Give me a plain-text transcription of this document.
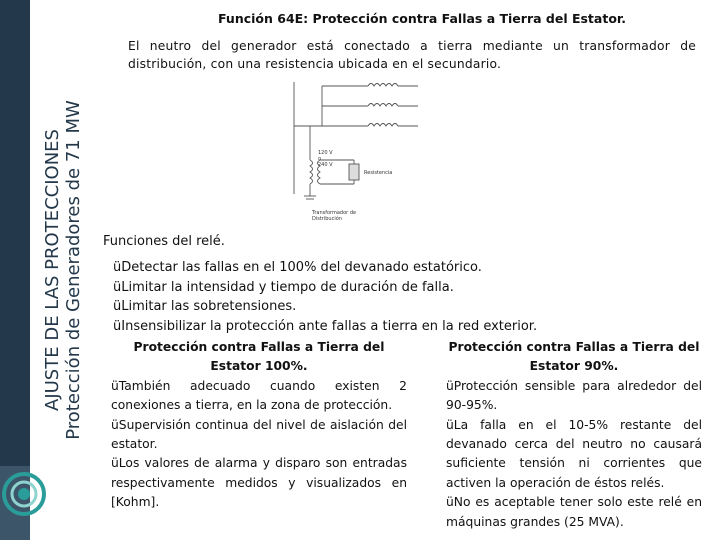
AJUSTE DE LAS PROTECCIONES Protección de Generadores de 71 MW
Función 64E: Protección contra Fallas a Tierra del Estator.
El neutro del generador está conectado a tierra mediante un transformador de distribución, con una resistencia ubicada en el secundario.
120 V o 240 V
Resistencia
Transformador de Distribución
Funciones del relé.
üDetectar las fallas en el 100% del devanado estatórico.
üLimitar la intensidad y tiempo de duración de falla.
üLimitar las sobretensiones.
üInsensibilizar la protección ante fallas a tierra en la red exterior.
Protección contra Fallas a Tierra del Estator 100%.
üTambién adecuado cuando existen 2 conexiones a tierra, en la zona de protección.
üSupervisión continua del nivel de aislación del estator.
üLos valores de alarma y disparo son entradas respectivamente medidos y visualizados en [Kohm].
Protección contra Fallas a Tierra del Estator 90%.
üProtección sensible para alrededor del 90-95%.
üLa falla en el 10-5% restante del devanado cerca del neutro no causará suficiente tensión ni corrientes que activen la operación de éstos relés.
üNo es aceptable tener solo este relé en máquinas grandes (25 MVA).
